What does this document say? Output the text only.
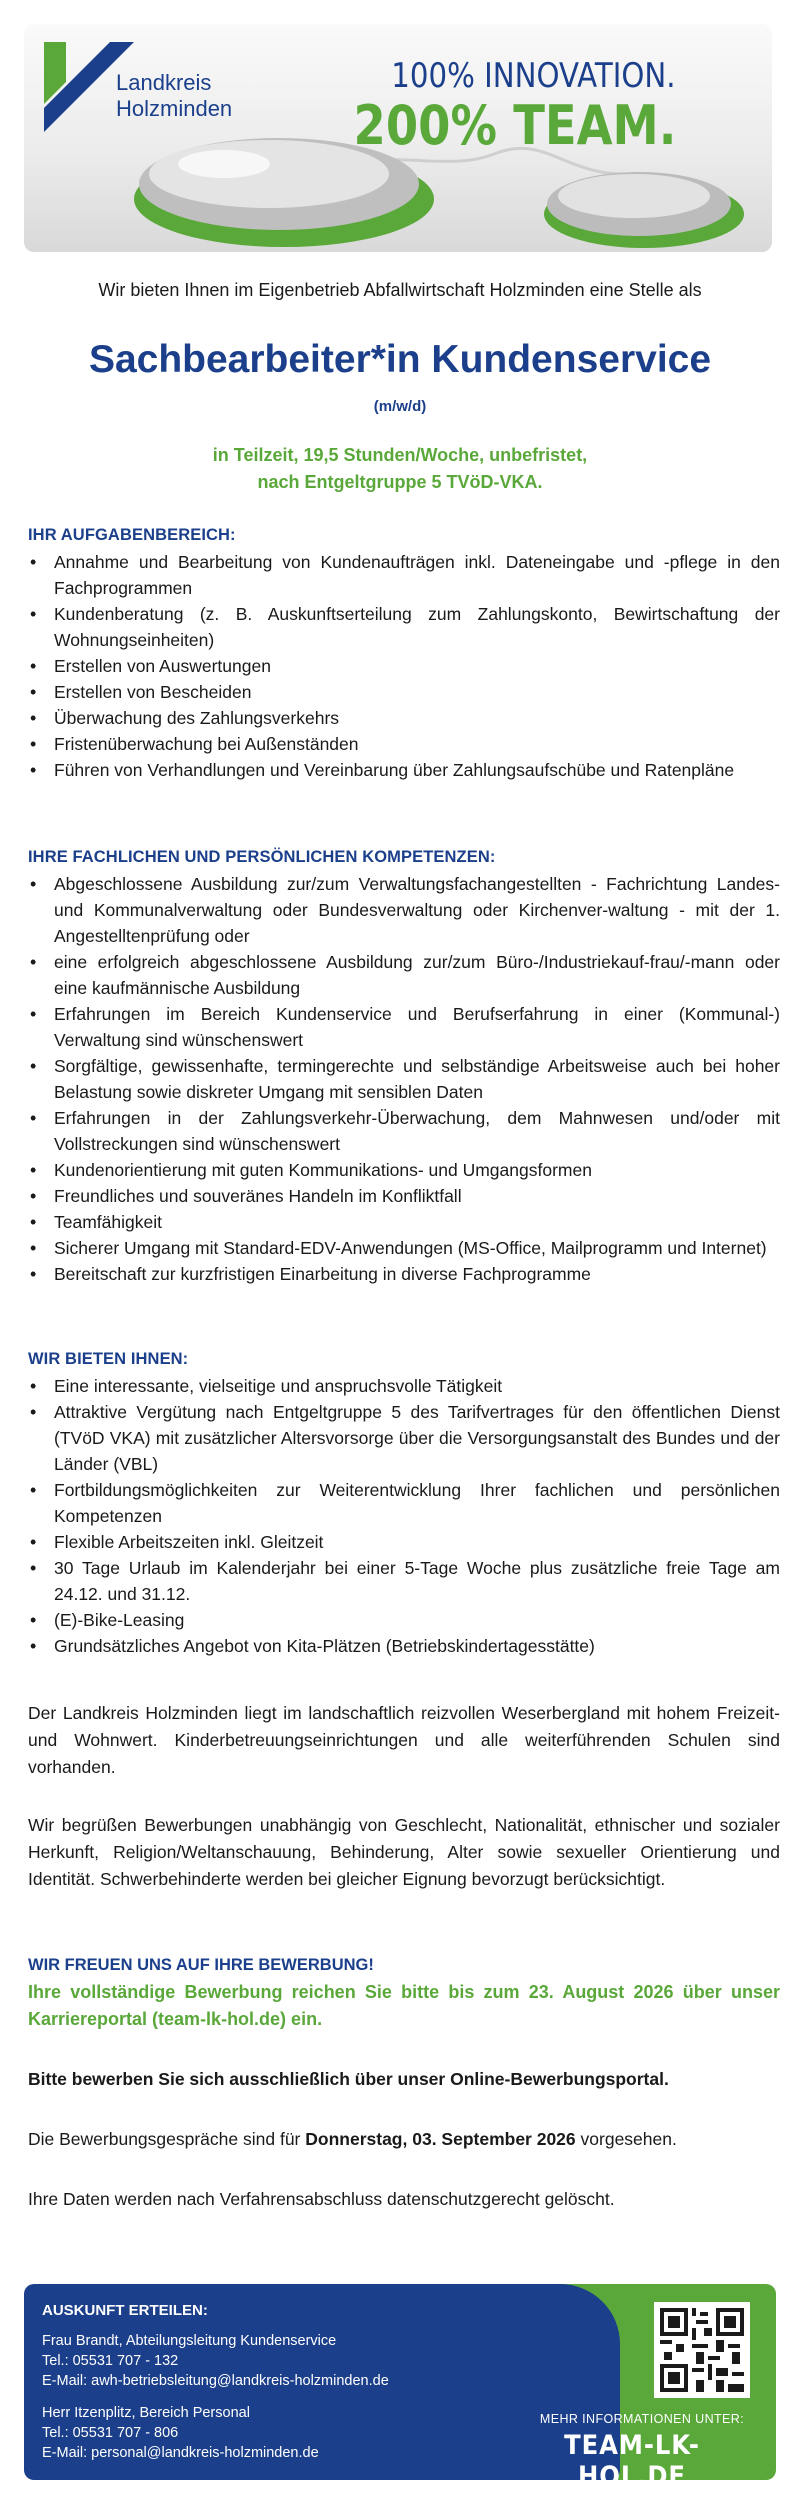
Landkreis
Holzminden
100% INNOVATION.
200% TEAM.
Wir bieten Ihnen im Eigenbetrieb Abfallwirtschaft Holzminden eine Stelle als
Sachbearbeiter*in Kundenservice
(m/w/d)
in Teilzeit, 19,5 Stunden/Woche, unbefristet,
nach Entgeltgruppe 5 TVöD-VKA.
IHR AUFGABENBEREICH:
• Annahme und Bearbeitung von Kundenaufträgen inkl. Dateneingabe und -pflege in den Fachprogrammen
• Kundenberatung (z. B. Auskunftserteilung zum Zahlungskonto, Bewirtschaftung der Wohnungseinheiten)
• Erstellen von Auswertungen
• Erstellen von Bescheiden
• Überwachung des Zahlungsverkehrs
• Fristenüberwachung bei Außenständen
• Führen von Verhandlungen und Vereinbarung über Zahlungsaufschübe und Ratenpläne
IHRE FACHLICHEN UND PERSÖNLICHEN KOMPETENZEN:
• Abgeschlossene Ausbildung zur/zum Verwaltungsfachangestellten - Fachrichtung Landes- und Kommunalverwaltung oder Bundesverwaltung oder Kirchenver-waltung - mit der 1. Angestelltenprüfung oder
• eine erfolgreich abgeschlossene Ausbildung zur/zum Büro-/Industriekauf-frau/-mann oder eine kaufmännische Ausbildung
• Erfahrungen im Bereich Kundenservice und Berufserfahrung in einer (Kommunal-) Verwaltung sind wünschenswert
• Sorgfältige, gewissenhafte, termingerechte und selbständige Arbeitsweise auch bei hoher Belastung sowie diskreter Umgang mit sensiblen Daten
• Erfahrungen in der Zahlungsverkehr-Überwachung, dem Mahnwesen und/oder mit Vollstreckungen sind wünschenswert
• Kundenorientierung mit guten Kommunikations- und Umgangsformen
• Freundliches und souveränes Handeln im Konfliktfall
• Teamfähigkeit
• Sicherer Umgang mit Standard-EDV-Anwendungen (MS-Office, Mailprogramm und Internet)
• Bereitschaft zur kurzfristigen Einarbeitung in diverse Fachprogramme
WIR BIETEN IHNEN:
• Eine interessante, vielseitige und anspruchsvolle Tätigkeit
• Attraktive Vergütung nach Entgeltgruppe 5 des Tarifvertrages für den öffentlichen Dienst (TVöD VKA) mit zusätzlicher Altersvorsorge über die Versorgungsanstalt des Bundes und der Länder (VBL)
• Fortbildungsmöglichkeiten zur Weiterentwicklung Ihrer fachlichen und persönlichen Kompetenzen
• Flexible Arbeitszeiten inkl. Gleitzeit
• 30 Tage Urlaub im Kalenderjahr bei einer 5-Tage Woche plus zusätzliche freie Tage am 24.12. und 31.12.
• (E)-Bike-Leasing
• Grundsätzliches Angebot von Kita-Plätzen (Betriebskindertagesstätte)
Der Landkreis Holzminden liegt im landschaftlich reizvollen Weserbergland mit hohem Freizeit- und Wohnwert. Kinderbetreuungseinrichtungen und alle weiterführenden Schulen sind vorhanden.
Wir begrüßen Bewerbungen unabhängig von Geschlecht, Nationalität, ethnischer und sozialer Herkunft, Religion/Weltanschauung, Behinderung, Alter sowie sexueller Orientierung und Identität. Schwerbehinderte werden bei gleicher Eignung bevorzugt berücksichtigt.
WIR FREUEN UNS AUF IHRE BEWERBUNG!
Ihre vollständige Bewerbung reichen Sie bitte bis zum 23. August 2026 über unser Karriereportal (team-lk-hol.de) ein.
Bitte bewerben Sie sich ausschließlich über unser Online-Bewerbungsportal.
Die Bewerbungsgespräche sind für Donnerstag, 03. September 2026 vorgesehen.
Ihre Daten werden nach Verfahrensabschluss datenschutzgerecht gelöscht.
AUSKUNFT ERTEILEN:
Frau Brandt, Abteilungsleitung Kundenservice
Tel.: 05531 707 - 132
E-Mail: awh-betriebsleitung@landkreis-holzminden.de
Herr Itzenplitz, Bereich Personal
Tel.: 05531 707 - 806
E-Mail: personal@landkreis-holzminden.de
MEHR INFORMATIONEN UNTER:
TEAM-LK-HOL.DE
